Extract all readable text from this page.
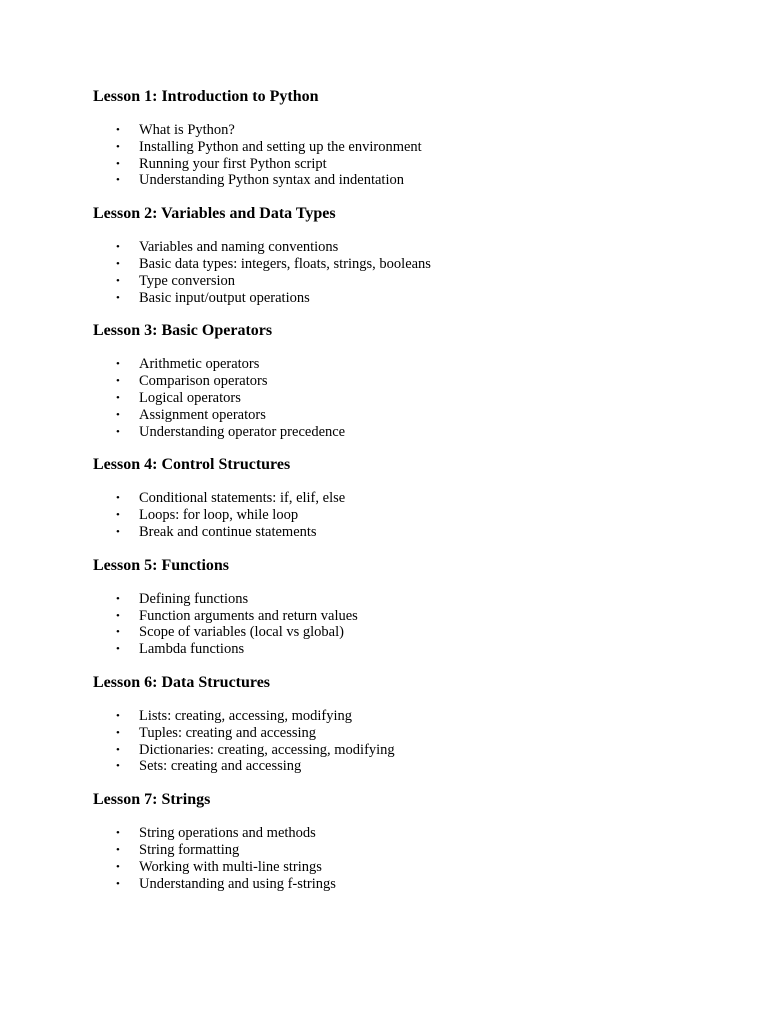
Lesson 1: Introduction to Python
• What is Python?
• Installing Python and setting up the environment
• Running your first Python script
• Understanding Python syntax and indentation
Lesson 2: Variables and Data Types
• Variables and naming conventions
• Basic data types: integers, floats, strings, booleans
• Type conversion
• Basic input/output operations
Lesson 3: Basic Operators
• Arithmetic operators
• Comparison operators
• Logical operators
• Assignment operators
• Understanding operator precedence
Lesson 4: Control Structures
• Conditional statements: if, elif, else
• Loops: for loop, while loop
• Break and continue statements
Lesson 5: Functions
• Defining functions
• Function arguments and return values
• Scope of variables (local vs global)
• Lambda functions
Lesson 6: Data Structures
• Lists: creating, accessing, modifying
• Tuples: creating and accessing
• Dictionaries: creating, accessing, modifying
• Sets: creating and accessing
Lesson 7: Strings
• String operations and methods
• String formatting
• Working with multi-line strings
• Understanding and using f-strings
